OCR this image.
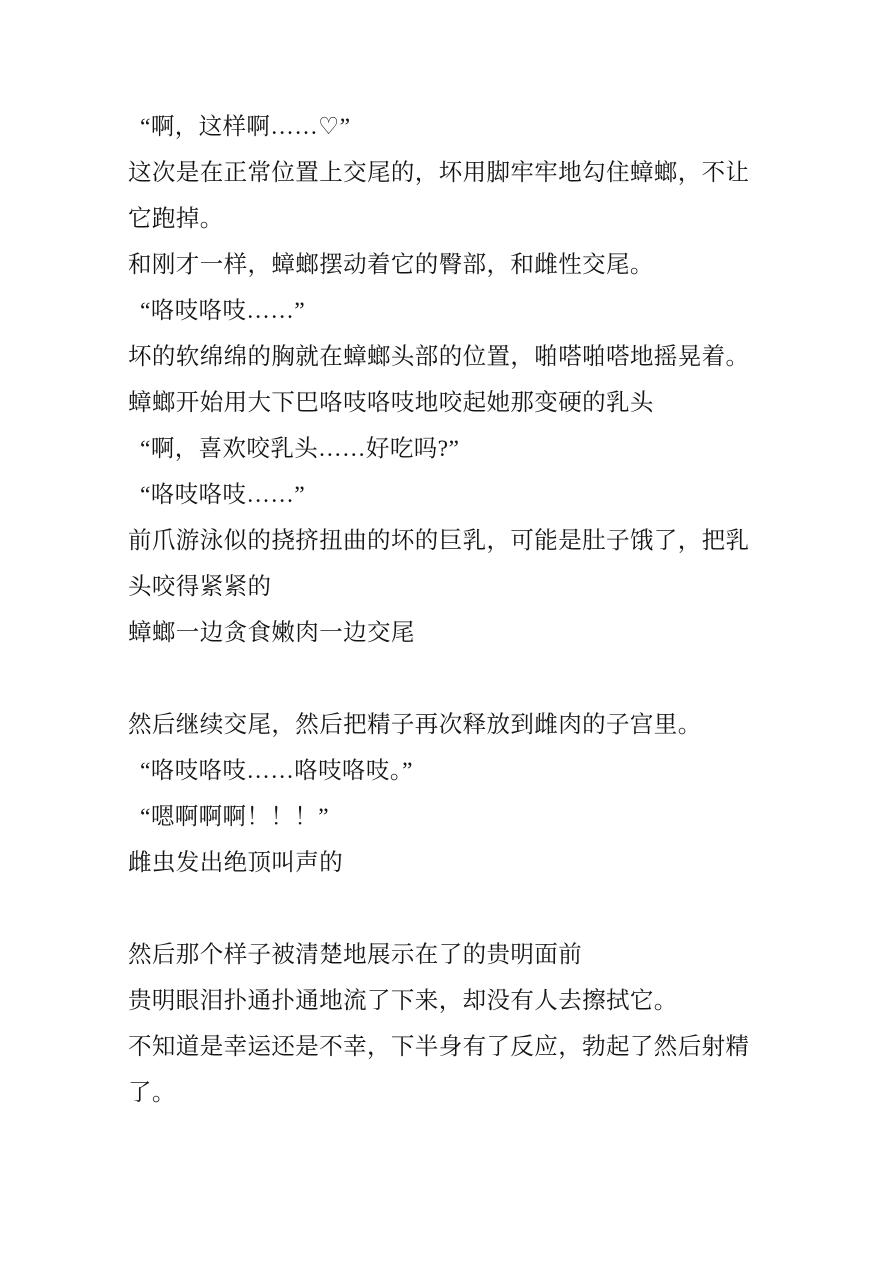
“啊，这样啊……♡”

这次是在正常位置上交尾的，坏用脚牢牢地勾住蟑螂，不让它跑掉。

和刚才一样，蟑螂摆动着它的臀部，和雌性交尾。

“咯吱咯吱……”

坏的软绵绵的胸就在蟑螂头部的位置，啪嗒啪嗒地摇晃着。

蟑螂开始用大下巴咯吱咯吱地咬起她那变硬的乳头

“啊，喜欢咬乳头……好吃吗?”

“咯吱咯吱……”

前爪游泳似的挠挤扭曲的坏的巨乳，可能是肚子饿了，把乳头咬得紧紧的

蟑螂一边贪食嫩肉一边交尾

然后继续交尾，然后把精子再次释放到雌肉的子宫里。

“咯吱咯吱……咯吱咯吱。”

“嗯啊啊啊！！！”

雌虫发出绝顶叫声的

然后那个样子被清楚地展示在了的贵明面前

贵明眼泪扑通扑通地流了下来，却没有人去擦拭它。

不知道是幸运还是不幸，下半身有了反应，勃起了然后射精了。
